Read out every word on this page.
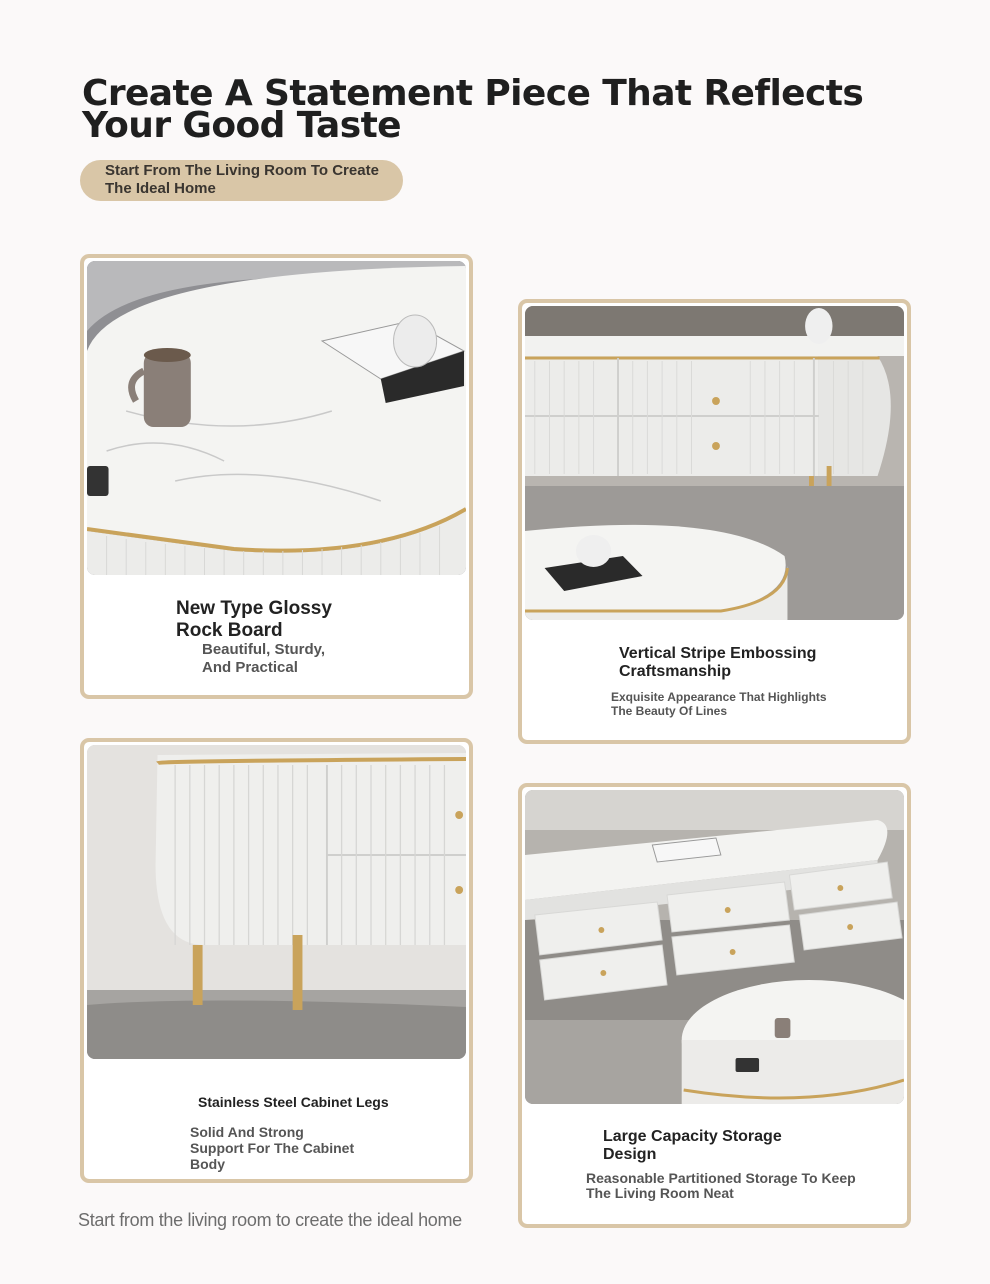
Create A Statement Piece That Reflects Your Good Taste
Start From The Living Room To Create The Ideal Home
New Type Glossy Rock Board
Beautiful, Sturdy, And Practical
Vertical Stripe Embossing Craftsmanship
Exquisite Appearance That Highlights The Beauty Of Lines
Stainless Steel Cabinet Legs
Solid And Strong Support For The Cabinet Body
Large Capacity Storage Design
Reasonable Partitioned Storage To Keep The Living Room Neat
Start from the living room to create the ideal home
